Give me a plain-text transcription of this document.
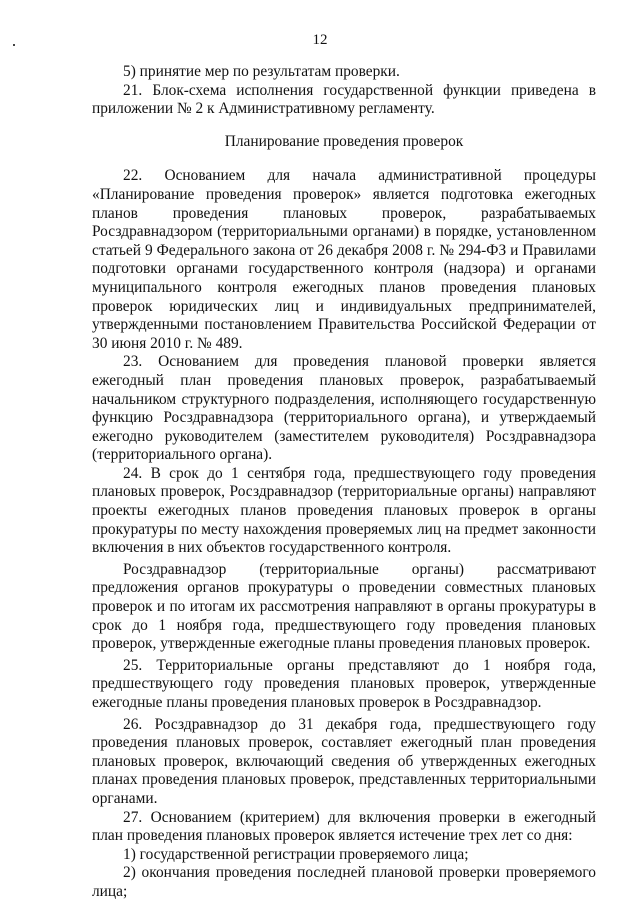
12

5) принятие мер по результатам проверки.

21. Блок-схема исполнения государственной функции приведена в приложении № 2 к Административному регламенту.

Планирование проведения проверок

22. Основанием для начала административной процедуры «Планирование проведения проверок» является подготовка ежегодных планов проведения плановых проверок, разрабатываемых Росздравнадзором (территориальными органами) в порядке, установленном статьей 9 Федерального закона от 26 декабря 2008 г. № 294-ФЗ и Правилами подготовки органами государственного контроля (надзора) и органами муниципального контроля ежегодных планов проведения плановых проверок юридических лиц и индивидуальных предпринимателей, утвержденными постановлением Правительства Российской Федерации от 30 июня 2010 г. № 489.

23. Основанием для проведения плановой проверки является ежегодный план проведения плановых проверок, разрабатываемый начальником структурного подразделения, исполняющего государственную функцию Росздравнадзора (территориального органа), и утверждаемый ежегодно руководителем (заместителем руководителя) Росздравнадзора (территориального органа).

24. В срок до 1 сентября года, предшествующего году проведения плановых проверок, Росздравнадзор (территориальные органы) направляют проекты ежегодных планов проведения плановых проверок в органы прокуратуры по месту нахождения проверяемых лиц на предмет законности включения в них объектов государственного контроля.

Росздравнадзор (территориальные органы) рассматривают предложения органов прокуратуры о проведении совместных плановых проверок и по итогам их рассмотрения направляют в органы прокуратуры в срок до 1 ноября года, предшествующего году проведения плановых проверок, утвержденные ежегодные планы проведения плановых проверок.

25. Территориальные органы представляют до 1 ноября года, предшествующего году проведения плановых проверок, утвержденные ежегодные планы проведения плановых проверок в Росздравнадзор.

26. Росздравнадзор до 31 декабря года, предшествующего году проведения плановых проверок, составляет ежегодный план проведения плановых проверок, включающий сведения об утвержденных ежегодных планах проведения плановых проверок, представленных территориальными органами.

27. Основанием (критерием) для включения проверки в ежегодный план проведения плановых проверок является истечение трех лет со дня:

1) государственной регистрации проверяемого лица;

2) окончания проведения последней плановой проверки проверяемого лица;
